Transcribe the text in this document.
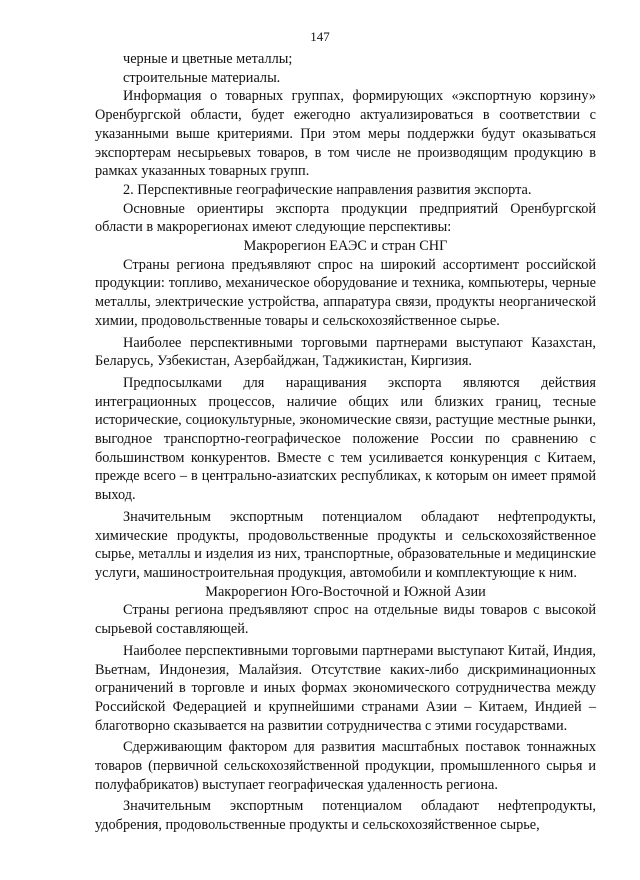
147

черные и цветные металлы;

строительные материалы.

Информация о товарных группах, формирующих «экспортную корзину» Оренбургской области, будет ежегодно актуализироваться в соответствии с указанными выше критериями. При этом меры поддержки будут оказываться экспортерам несырьевых товаров, в том числе не производящим продукцию в рамках указанных товарных групп.

2. Перспективные географические направления развития экспорта.

Основные ориентиры экспорта продукции предприятий Оренбургской области в макрорегионах имеют следующие перспективы:

Макрорегион ЕАЭС и стран СНГ

Страны региона предъявляют спрос на широкий ассортимент российской продукции: топливо, механическое оборудование и техника, компьютеры, черные металлы, электрические устройства, аппаратура связи, продукты неорганической химии, продовольственные товары и сельскохозяйственное сырье.

Наиболее перспективными торговыми партнерами выступают Казахстан, Беларусь, Узбекистан, Азербайджан, Таджикистан, Киргизия.

Предпосылками для наращивания экспорта являются действия интеграционных процессов, наличие общих или близких границ, тесные исторические, социокультурные, экономические связи, растущие местные рынки, выгодное транспортно-географическое положение России по сравнению с большинством конкурентов. Вместе с тем усиливается конкуренция с Китаем, прежде всего – в центрально-азиатских республиках, к которым он имеет прямой выход.

Значительным экспортным потенциалом обладают нефтепродукты, химические продукты, продовольственные продукты и сельскохозяйственное сырье, металлы и изделия из них, транспортные, образовательные и медицинские услуги, машиностроительная продукция, автомобили и комплектующие к ним.

Макрорегион Юго-Восточной и Южной Азии

Страны региона предъявляют спрос на отдельные виды товаров с высокой сырьевой составляющей.

Наиболее перспективными торговыми партнерами выступают Китай, Индия, Вьетнам, Индонезия, Малайзия. Отсутствие каких-либо дискриминационных ограничений в торговле и иных формах экономического сотрудничества между Российской Федерацией и крупнейшими странами Азии – Китаем, Индией – благотворно сказывается на развитии сотрудничества с этими государствами.

Сдерживающим фактором для развития масштабных поставок тоннажных товаров (первичной сельскохозяйственной продукции, промышленного сырья и полуфабрикатов) выступает географическая удаленность региона.

Значительным экспортным потенциалом обладают нефтепродукты, удобрения, продовольственные продукты и сельскохозяйственное сырье,
